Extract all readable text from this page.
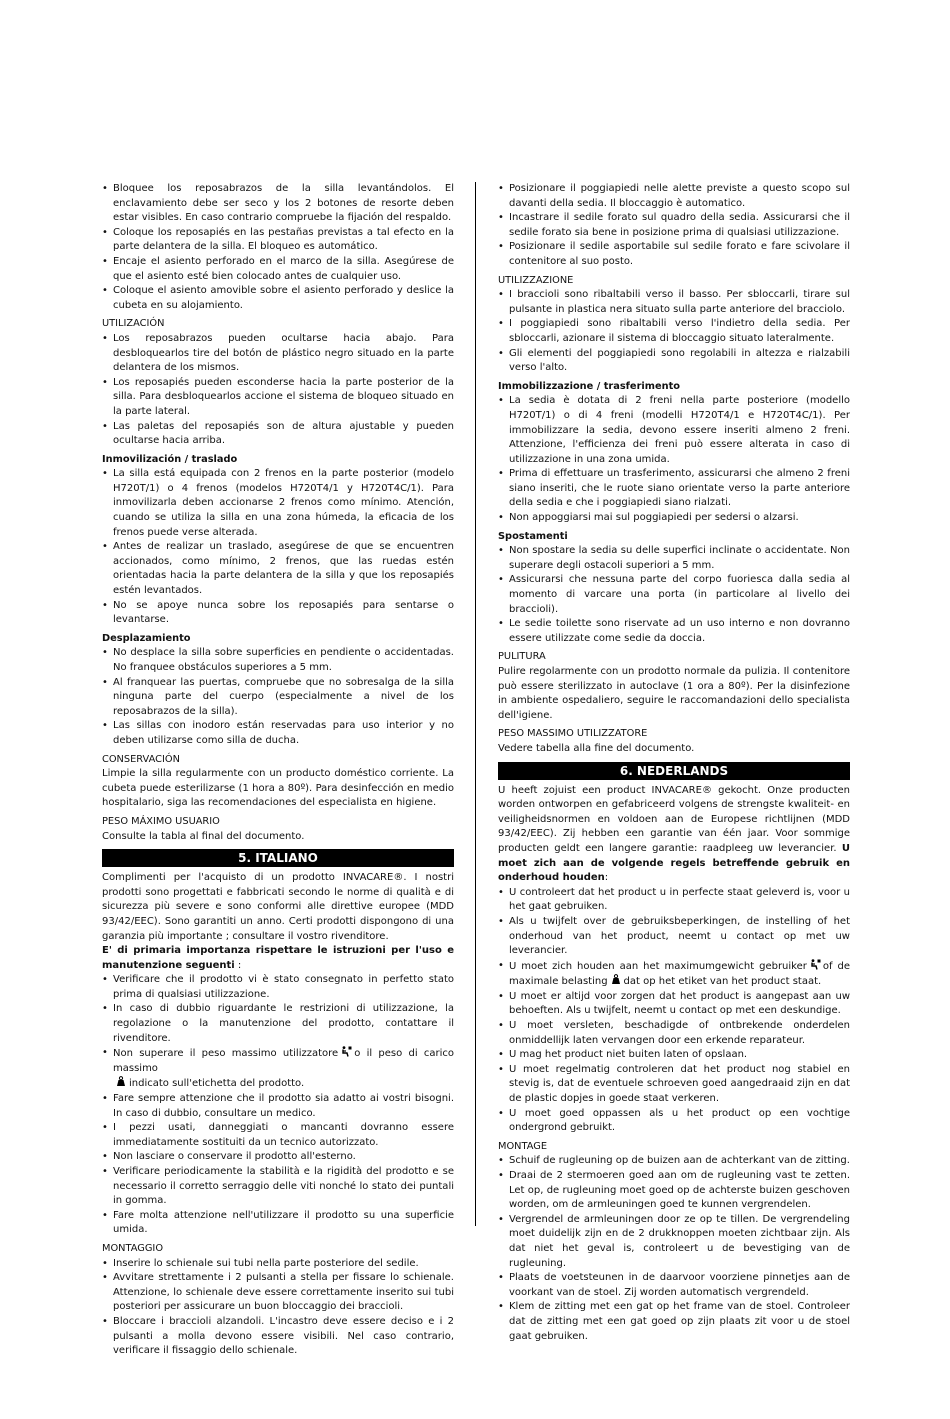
• Bloquee los reposabrazos de la silla levantándolos. El enclavamiento debe ser seco y los 2 botones de resorte deben estar visibles. En caso contrario compruebe la fijación del respaldo.
• Coloque los reposapiés en las pestañas previstas a tal efecto en la parte delantera de la silla. El bloqueo es automático.
• Encaje el asiento perforado en el marco de la silla. Asegúrese de que el asiento esté bien colocado antes de cualquier uso.
• Coloque el asiento amovible sobre el asiento perforado y deslice la cubeta en su alojamiento.
UTILIZACIÓN
• Los reposabrazos pueden ocultarse hacia abajo. Para desbloquearlos tire del botón de plástico negro situado en la parte delantera de los mismos.
• Los reposapiés pueden esconderse hacia la parte posterior de la silla. Para desbloquearlos accione el sistema de bloqueo situado en la parte lateral.
• Las paletas del reposapiés son de altura ajustable y pueden ocultarse hacia arriba.
Inmovilización / traslado
• La silla está equipada con 2 frenos en la parte posterior (modelo H720T/1) o 4 frenos (modelos H720T4/1 y H720T4C/1). Para inmovilizarla deben accionarse 2 frenos como mínimo. Atención, cuando se utiliza la silla en una zona húmeda, la eficacia de los frenos puede verse alterada.
• Antes de realizar un traslado, asegúrese de que se encuentren accionados, como mínimo, 2 frenos, que las ruedas estén orientadas hacia la parte delantera de la silla y que los reposapiés estén levantados.
• No se apoye nunca sobre los reposapiés para sentarse o levantarse.
Desplazamiento
• No desplace la silla sobre superficies en pendiente o accidentadas. No franquee obstáculos superiores a 5 mm.
• Al franquear las puertas, compruebe que no sobresalga de la silla ninguna parte del cuerpo (especialmente a nivel de los reposabrazos de la silla).
• Las sillas con inodoro están reservadas para uso interior y no deben utilizarse como silla de ducha.
CONSERVACIÓN

Limpie la silla regularmente con un producto doméstico corriente. La cubeta puede esterilizarse (1 hora a 80º). Para desinfección en medio hospitalario, siga las recomendaciones del especialista en higiene.

PESO MÁXIMO USUARIO

Consulte la tabla al final del documento.

5. ITALIANO

Complimenti per l'acquisto di un prodotto INVACARE®. I nostri prodotti sono progettati e fabbricati secondo le norme di qualità e di sicurezza più severe e sono conformi alle direttive europee (MDD 93/42/EEC). Sono garantiti un anno. Certi prodotti dispongono di una garanzia più importante ; consultare il vostro rivenditore.

E' di primaria importanza rispettare le istruzioni per l'uso e manutenzione seguenti :

• Verificare che il prodotto vi è stato consegnato in perfetto stato prima di qualsiasi utilizzazione.
• In caso di dubbio riguardante le restrizioni di utilizzazione, la regolazione o la manutenzione del prodotto, contattare il rivenditore.
• Non superare il peso massimo utilizzatore o il peso di carico massimo

indicato sull'etichetta del prodotto.
• Fare sempre attenzione che il prodotto sia adatto ai vostri bisogni. In caso di dubbio, consultare un medico.
• I pezzi usati, danneggiati o mancanti dovranno essere immediatamente sostituiti da un tecnico autorizzato.
• Non lasciare o conservare il prodotto all'esterno.
• Verificare periodicamente la stabilità e la rigidità del prodotto e se necessario il corretto serraggio delle viti nonché lo stato dei puntali in gomma.
• Fare molta attenzione nell'utilizzare il prodotto su una superficie umida.
MONTAGGIO
• Inserire lo schienale sui tubi nella parte posteriore del sedile.
• Avvitare strettamente i 2 pulsanti a stella per fissare lo schienale. Attenzione, lo schienale deve essere correttamente inserito sui tubi posteriori per assicurare un buon bloccaggio dei braccioli.
• Bloccare i braccioli alzandoli. L'incastro deve essere deciso e i 2 pulsanti a molla devono essere visibili. Nel caso contrario, verificare il fissaggio dello schienale.
• Posizionare il poggiapiedi nelle alette previste a questo scopo sul davanti della sedia. Il bloccaggio è automatico.
• Incastrare il sedile forato sul quadro della sedia. Assicurarsi che il sedile forato sia bene in posizione prima di qualsiasi utilizzazione.
• Posizionare il sedile asportabile sul sedile forato e fare scivolare il contenitore al suo posto.
UTILIZZAZIONE
• I braccioli sono ribaltabili verso il basso. Per sbloccarli, tirare sul pulsante in plastica nera situato sulla parte anteriore del bracciolo.
• I poggiapiedi sono ribaltabili verso l'indietro della sedia. Per sbloccarli, azionare il sistema di bloccaggio situato lateralmente.
• Gli elementi del poggiapiedi sono regolabili in altezza e rialzabili verso l'alto.
Immobilizzazione / trasferimento
• La sedia è dotata di 2 freni nella parte posteriore (modello H720T/1) o di 4 freni (modelli H720T4/1 e H720T4C/1). Per immobilizzare la sedia, devono essere inseriti almeno 2 freni. Attenzione, l'efficienza dei freni può essere alterata in caso di utilizzazione in una zona umida.
• Prima di effettuare un trasferimento, assicurarsi che almeno 2 freni siano inseriti, che le ruote siano orientate verso la parte anteriore della sedia e che i poggiapiedi siano rialzati.
• Non appoggiarsi mai sul poggiapiedi per sedersi o alzarsi.
Spostamenti
• Non spostare la sedia su delle superfici inclinate o accidentate. Non superare degli ostacoli superiori a 5 mm.
• Assicurarsi che nessuna parte del corpo fuoriesca dalla sedia al momento di varcare una porta (in particolare al livello dei braccioli).
• Le sedie toilette sono riservate ad un uso interno e non dovranno essere utilizzate come sedie da doccia.
PULITURA

Pulire regolarmente con un prodotto normale da pulizia. Il contenitore può essere sterilizzato in autoclave (1 ora a 80º). Per la disinfezione in ambiente ospedaliero, seguire le raccomandazioni dello specialista dell'igiene.

PESO MASSIMO UTILIZZATORE

Vedere tabella alla fine del documento.

6. NEDERLANDS

U heeft zojuist een product INVACARE® gekocht. Onze producten worden ontworpen en gefabriceerd volgens de strengste kwaliteit- en veiligheidsnormen en voldoen aan de Europese richtlijnen (MDD 93/42/EEC). Zij hebben een garantie van één jaar. Voor sommige producten geldt een langere garantie: raadpleeg uw leverancier. U moet zich aan de volgende regels betreffende gebruik en onderhoud houden:

• U controleert dat het product u in perfecte staat geleverd is, voor u het gaat gebruiken.
• Als u twijfelt over de gebruiksbeperkingen, de instelling of het onderhoud van het product, neemt u contact op met uw leverancier.
• U moet zich houden aan het maximumgewicht gebruiker of de maximale belasting dat op het etiket van het product staat.
• U moet er altijd voor zorgen dat het product is aangepast aan uw behoeften. Als u twijfelt, neemt u contact op met een deskundige.
• U moet versleten, beschadigde of ontbrekende onderdelen onmiddellijk laten vervangen door een erkende reparateur.
• U mag het product niet buiten laten of opslaan.
• U moet regelmatig controleren dat het product nog stabiel en stevig is, dat de eventuele schroeven goed aangedraaid zijn en dat de plastic dopjes in goede staat verkeren.
• U moet goed oppassen als u het product op een vochtige ondergrond gebruikt.
MONTAGE
• Schuif de rugleuning op de buizen aan de achterkant van de zitting.
• Draai de 2 stermoeren goed aan om de rugleuning vast te zetten. Let op, de rugleuning moet goed op de achterste buizen geschoven worden, om de armleuningen goed te kunnen vergrendelen.
• Vergrendel de armleuningen door ze op te tillen. De vergrendeling moet duidelijk zijn en de 2 drukknoppen moeten zichtbaar zijn. Als dat niet het geval is, controleert u de bevestiging van de rugleuning.
• Plaats de voetsteunen in de daarvoor voorziene pinnetjes aan de voorkant van de stoel. Zij worden automatisch vergrendeld.
• Klem de zitting met een gat op het frame van de stoel. Controleer dat de zitting met een gat goed op zijn plaats zit voor u de stoel gaat gebruiken.
